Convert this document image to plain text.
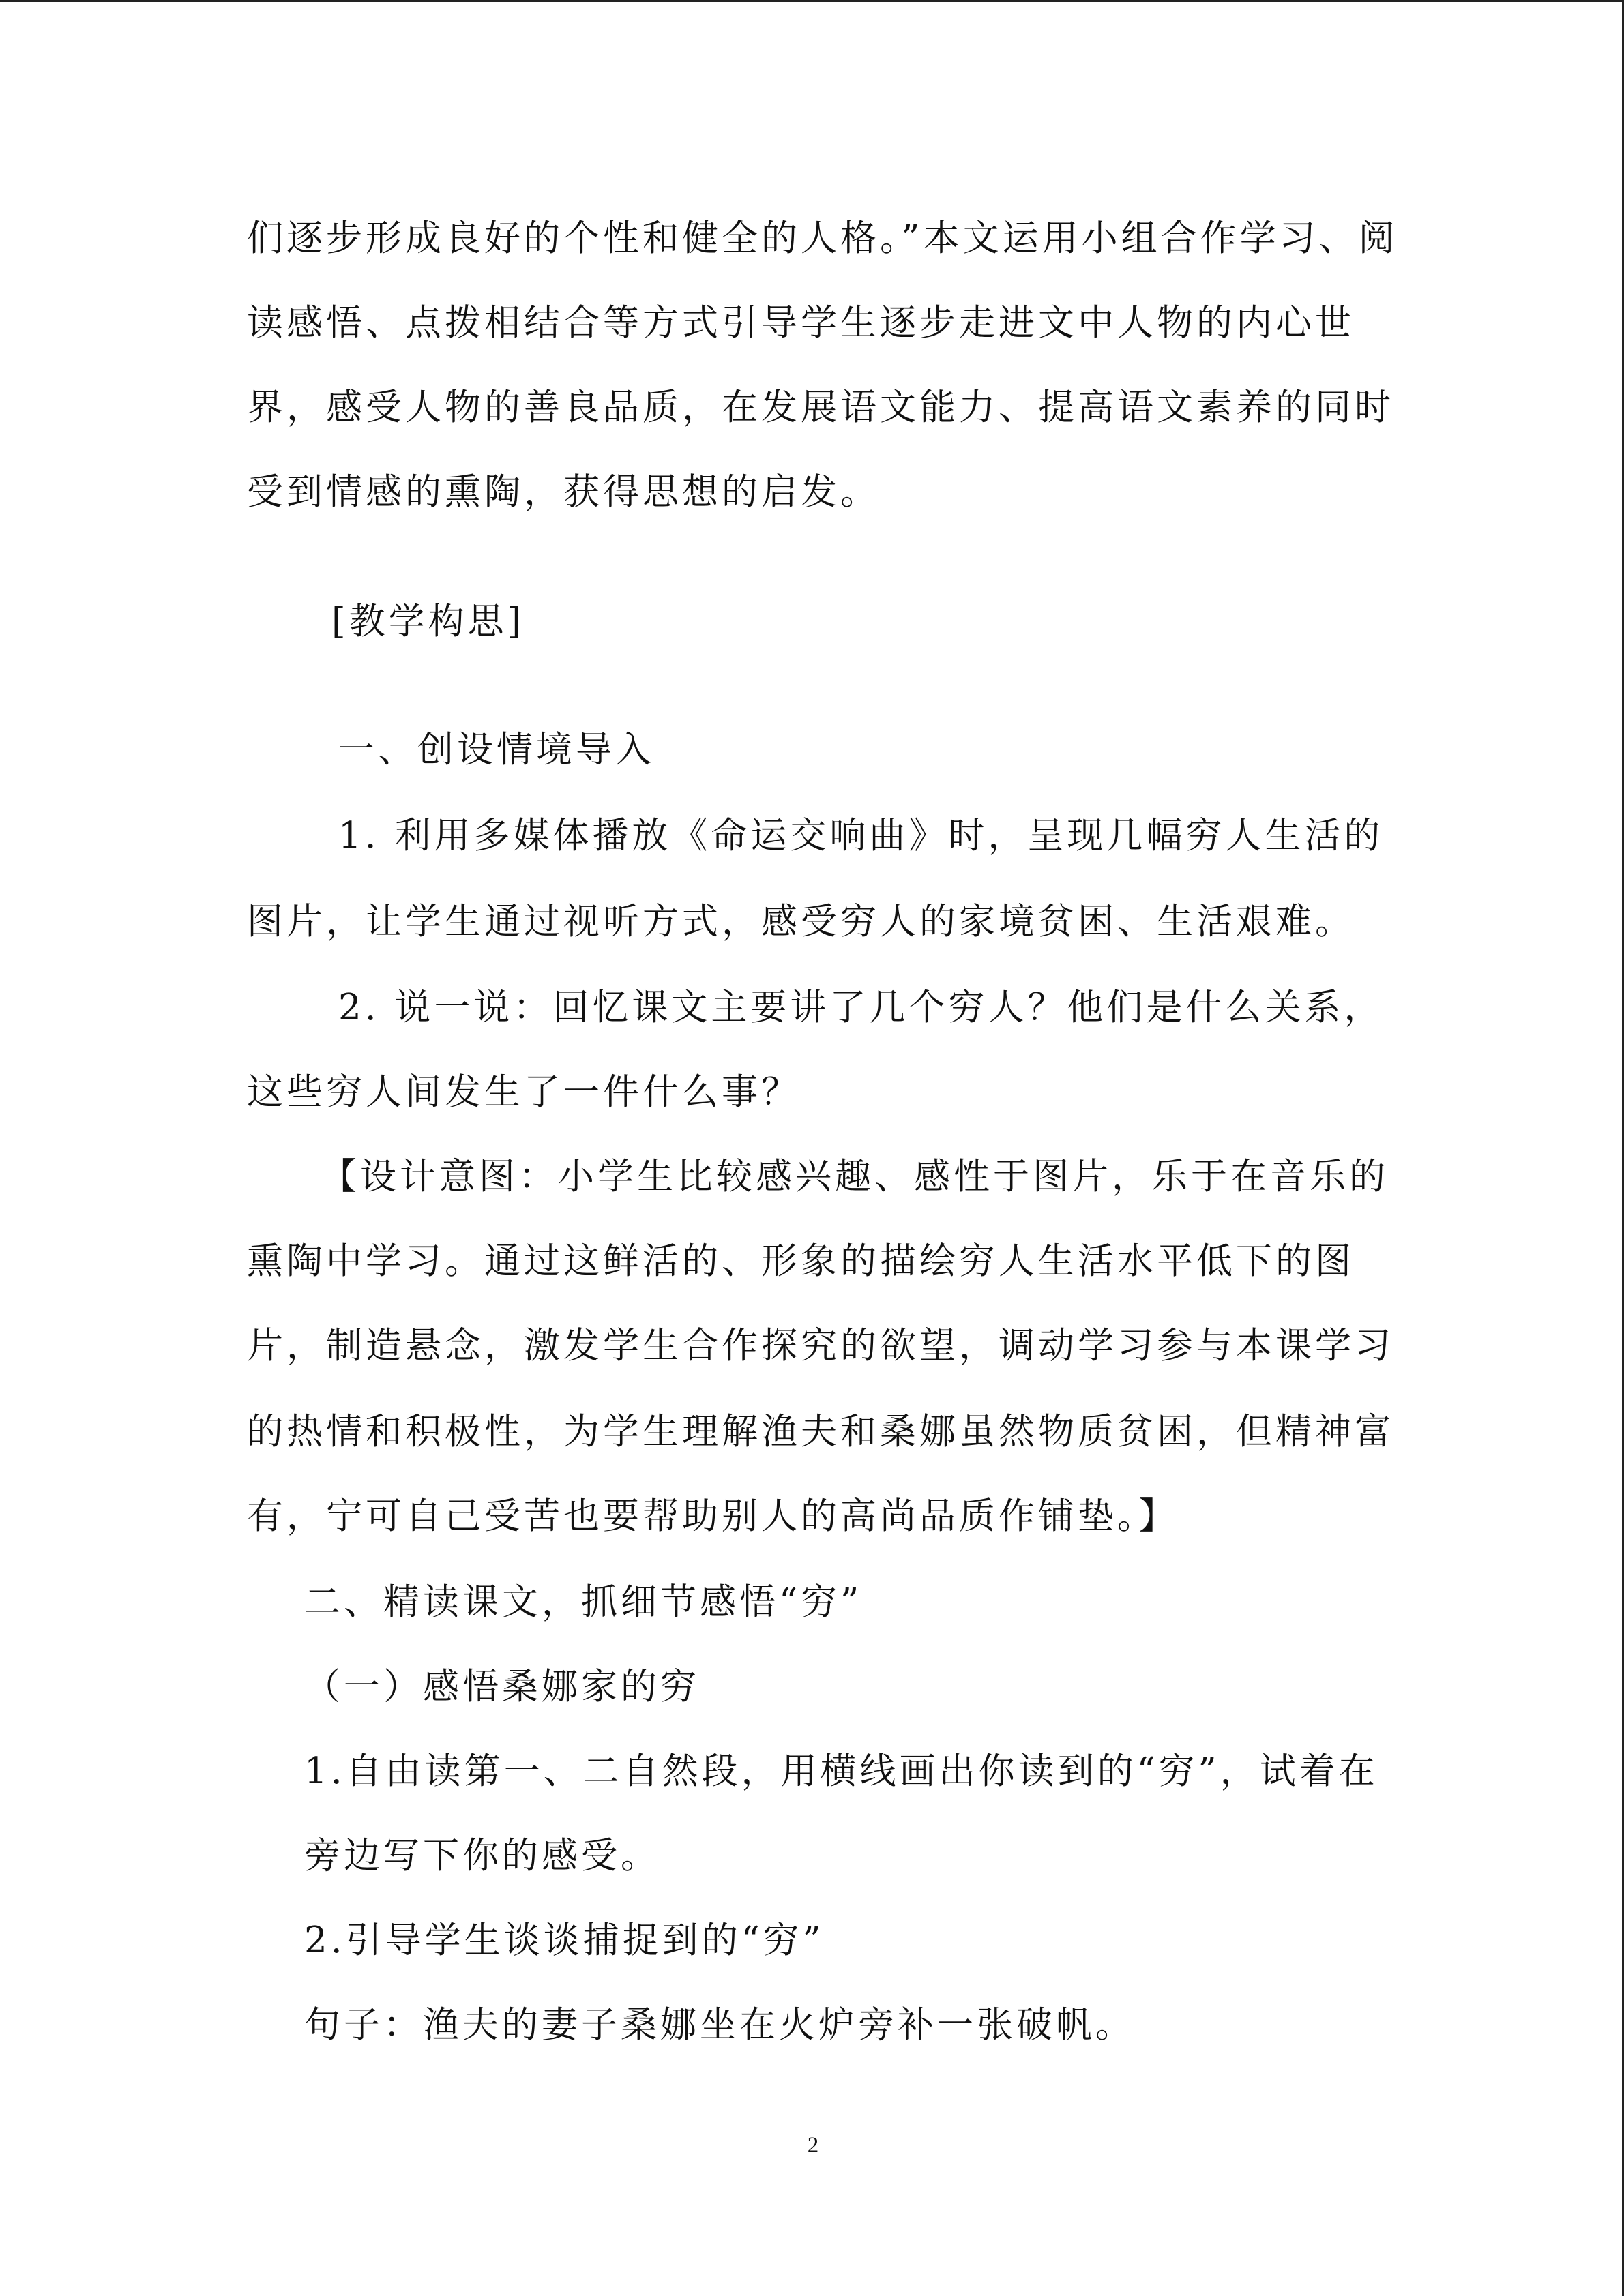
们逐步形成良好的个性和健全的人格。”本文运用小组合作学习、阅
读感悟、点拨相结合等方式引导学生逐步走进文中人物的内心世
界，感受人物的善良品质，在发展语文能力、提高语文素养的同时
受到情感的熏陶，获得思想的启发。
[教学构思]
一、创设情境导入
1. 利用多媒体播放《命运交响曲》时，呈现几幅穷人生活的
图片，让学生通过视听方式，感受穷人的家境贫困、生活艰难。
2. 说一说：回忆课文主要讲了几个穷人？他们是什么关系，
这些穷人间发生了一件什么事？
【设计意图：小学生比较感兴趣、感性于图片，乐于在音乐的
熏陶中学习。通过这鲜活的、形象的描绘穷人生活水平低下的图
片，制造悬念，激发学生合作探究的欲望，调动学习参与本课学习
的热情和积极性，为学生理解渔夫和桑娜虽然物质贫困，但精神富
有，宁可自己受苦也要帮助别人的高尚品质作铺垫。】
二、精读课文，抓细节感悟“穷”
（一）感悟桑娜家的穷
1.自由读第一、二自然段，用横线画出你读到的“穷”，试着在
旁边写下你的感受。
2.引导学生谈谈捕捉到的“穷”
句子：渔夫的妻子桑娜坐在火炉旁补一张破帆。
2
